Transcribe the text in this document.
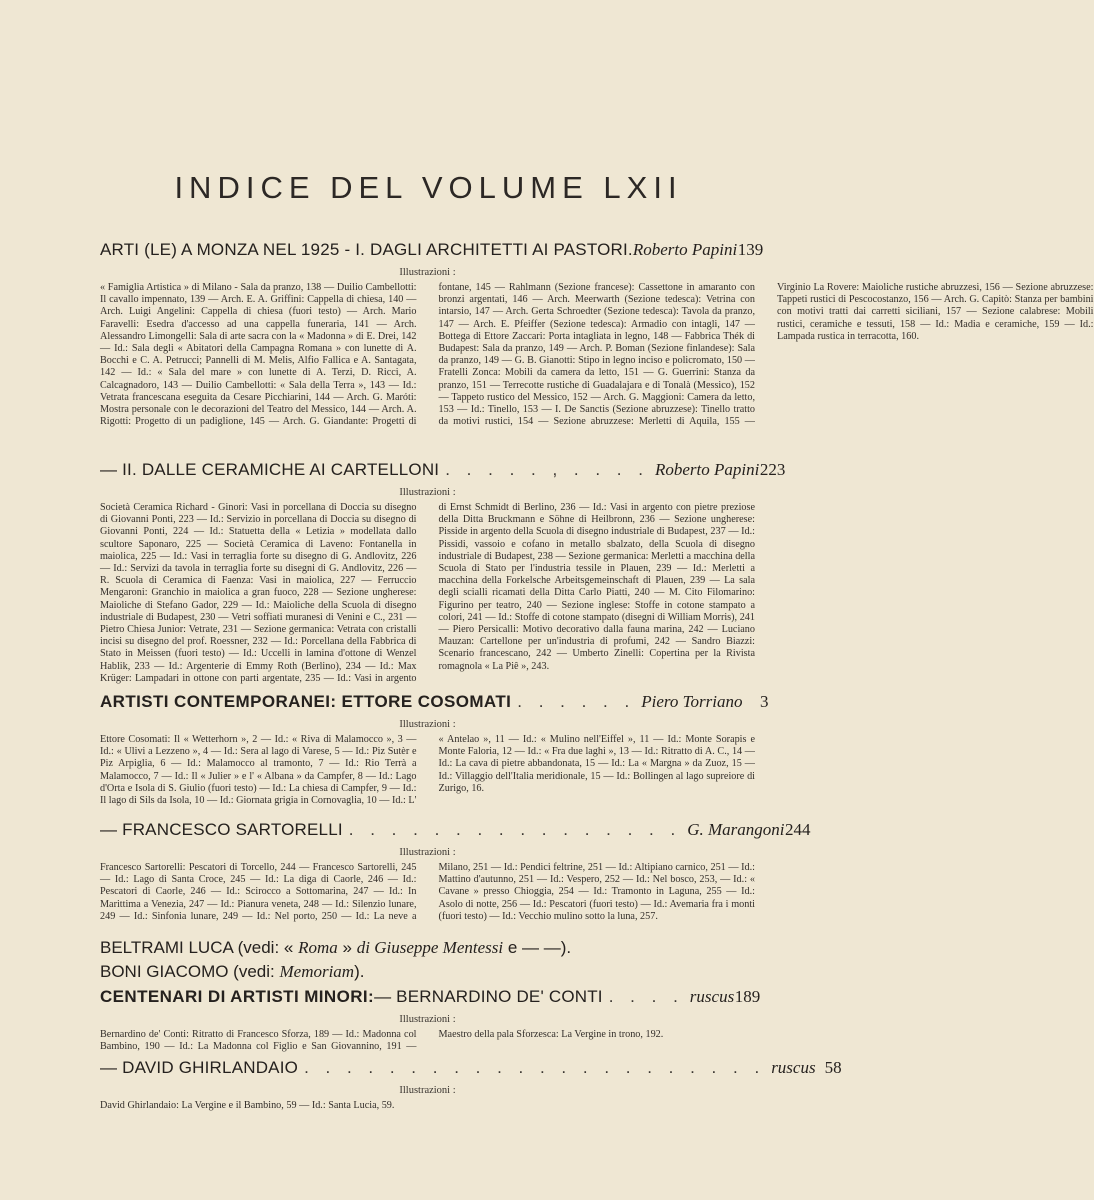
INDICE DEL VOLUME LXII
ARTI (LE) A MONZA NEL 1925 - I. DAGLI ARCHITETTI AI PASTORI. Roberto Papini 139
Illustrazioni :
« Famiglia Artistica » di Milano - Sala da pranzo, 138 — Duilio Cambellotti: Il cavallo impennato, 139 — Arch. E. A. Griffini: Cappella di chiesa, 140 — Arch. Luigi Angelini: Cappella di chiesa (fuori testo) — Arch. Mario Faravelli: Esedra d'accesso ad una cappella funeraria, 141 — Arch. Alessandro Limongelli: Sala di arte sacra con la « Madonna » di E. Drei, 142 — Id.: Sala degli « Abitatori della Campagna Romana » con lunette di A. Bocchi e C. A. Petrucci; Pannelli di M. Melis, Alfio Fallica e A. Santagata, 142 — Id.: « Sala del mare » con lunette di A. Terzi, D. Ricci, A. Calcagnadoro, 143 — Duilio Cambellotti: « Sala della Terra », 143 — Id.: Vetrata francescana eseguita da Cesare Picchiarini, 144 — Arch. G. Maróti: Mostra personale con le decorazioni del Teatro del Messico, 144 — Arch. A. Rigotti: Progetto di un padiglione, 145 — Arch. G. Giandante: Progetti di fontane, 145 — Rahlmann (Sezione francese): Cassettone in amaranto con bronzi argentati, 146 — Arch. Meerwarth (Sezione tedesca): Vetrina con intarsio, 147 — Arch. Gerta Schroedter (Sezione tedesca): Tavola da pranzo, 147 — Arch. E. Pfeiffer (Sezione tedesca): Armadio con intagli, 147 — Bottega di Ettore Zaccari: Porta intagliata in legno, 148 — Fabbrica Thék di Budapest: Sala da pranzo, 149 — Arch. P. Boman (Sezione finlandese): Sala da pranzo, 149 — G. B. Gianotti: Stipo in legno inciso e policromato, 150 — Fratelli Zonca: Mobili da camera da letto, 151 — G. Guerrini: Stanza da pranzo, 151 — Terrecotte rustiche di Guadalajara e di Tonalà (Messico), 152 — Tappeto rustico del Messico, 152 — Arch. G. Maggioni: Camera da letto, 153 — Id.: Tinello, 153 — I. De Sanctis (Sezione abruzzese): Tinello tratto da motivi rustici, 154 — Sezione abruzzese: Merletti di Aquila, 155 — Virginio La Rovere: Maioliche rustiche abruzzesi, 156 — Sezione abruzzese: Tappeti rustici di Pescocostanzo, 156 — Arch. G. Capitò: Stanza per bambini con motivi tratti dai carretti siciliani, 157 — Sezione calabrese: Mobili rustici, ceramiche e tessuti, 158 — Id.: Madia e ceramiche, 159 — Id.: Lampada rustica in terracotta, 160.
— II. DALLE CERAMICHE AI CARTELLONI . . . . . , . . . . Roberto Papini 223
Illustrazioni :
Società Ceramica Richard - Ginori: Vasi in porcellana di Doccia su disegno di Giovanni Ponti, 223 — Id.: Servizio in porcellana di Doccia su disegno di Giovanni Ponti, 224 — Id.: Statuetta della « Letizia » modellata dallo scultore Saponaro, 225 — Società Ceramica di Laveno: Fontanella in maiolica, 225 — Id.: Vasi in terraglia forte su disegno di G. Andlovitz, 226 — Id.: Servizi da tavola in terraglia forte su disegni di G. Andlovitz, 226 — R. Scuola di Ceramica di Faenza: Vasi in maiolica, 227 — Ferruccio Mengaroni: Granchio in maiolica a gran fuoco, 228 — Sezione ungherese: Maioliche di Stefano Gador, 229 — Id.: Maioliche della Scuola di disegno industriale di Budapest, 230 — Vetri soffiati muranesi di Venini e C., 231 — Pietro Chiesa Junior: Vetrate, 231 — Sezione germanica: Vetrata con cristalli incisi su disegno del prof. Roessner, 232 — Id.: Porcellana della Fabbrica di Stato in Meissen (fuori testo) — Id.: Uccelli in lamina d'ottone di Wenzel Hablik, 233 — Id.: Argenterie di Emmy Roth (Berlino), 234 — Id.: Max Krüger: Lampadari in ottone con parti argentate, 235 — Id.: Vasi in argento di Ernst Schmidt di Berlino, 236 — Id.: Vasi in argento con pietre preziose della Ditta Bruckmann e Söhne di Heilbronn, 236 — Sezione ungherese: Pisside in argento della Scuola di disegno industriale di Budapest, 237 — Id.: Pissidi, vassoio e cofano in metallo sbalzato, della Scuola di disegno industriale di Budapest, 238 — Sezione germanica: Merletti a macchina della Scuola di Stato per l'industria tessile in Plauen, 239 — Id.: Merletti a macchina della Forkelsche Arbeitsgemeinschaft di Plauen, 239 — La sala degli scialli ricamati della Ditta Carlo Piatti, 240 — M. Cito Filomarino: Figurino per teatro, 240 — Sezione inglese: Stoffe in cotone stampato a colori, 241 — Id.: Stoffe di cotone stampato (disegni di William Morris), 241 — Piero Persicalli: Motivo decorativo dalla fauna marina, 242 — Luciano Mauzan: Cartellone per un'industria di profumi, 242 — Sandro Biazzi: Scenario francescano, 242 — Umberto Zinelli: Copertina per la Rivista romagnola « La Piê », 243.
ARTISTI CONTEMPORANEI: ETTORE COSOMATI . . . . . . Piero Torriano	3
Illustrazioni :
Ettore Cosomati: Il « Wetterhorn », 2 — Id.: « Riva di Malamocco », 3 — Id.: « Ulivi a Lezzeno », 4 — Id.: Sera al lago di Varese, 5 — Id.: Piz Sutèr e Piz Arpiglia, 6 — Id.: Malamocco al tramonto, 7 — Id.: Rio Terrà a Malamocco, 7 — Id.: Il « Julier » e l' « Albana » da Campfer, 8 — Id.: Lago d'Orta e Isola di S. Giulio (fuori testo) — Id.: La chiesa di Campfer, 9 — Id.: Il lago di Sils da Isola, 10 — Id.: Giornata grigia in Cornovaglia, 10 — Id.: L' « Antelao », 11 — Id.: « Mulino nell'Eiffel », 11 — Id.: Monte Sorapis e Monte Faloria, 12 — Id.: « Fra due laghi », 13 — Id.: Ritratto di A. C., 14 — Id.: La cava di pietre abbandonata, 15 — Id.: La « Margna » da Zuoz, 15 — Id.: Villaggio dell'Italia meridionale, 15 — Id.: Bollingen al lago supreiore di Zurigo, 16.
— FRANCESCO SARTORELLI . . . . . . . . . . . . . . . . G. Marangoni 244
Illustrazioni :
Francesco Sartorelli: Pescatori di Torcello, 244 — Francesco Sartorelli, 245 — Id.: Lago di Santa Croce, 245 — Id.: La diga di Caorle, 246 — Id.: Pescatori di Caorle, 246 — Id.: Scirocco a Sottomarina, 247 — Id.: In Marittima a Venezia, 247 — Id.: Pianura veneta, 248 — Id.: Silenzio lunare, 249 — Id.: Sinfonia lunare, 249 — Id.: Nel porto, 250 — Id.: La neve a Milano, 251 — Id.: Pendici feltrine, 251 — Id.: Altipiano carnico, 251 — Id.: Mattino d'autunno, 251 — Id.: Vespero, 252 — Id.: Nel bosco, 253, — Id.: « Cavane » presso Chioggia, 254 — Id.: Tramonto in Laguna, 255 — Id.: Asolo di notte, 256 — Id.: Pescatori (fuori testo) — Id.: Avemaria fra i monti (fuori testo) — Id.: Vecchio mulino sotto la luna, 257.
BELTRAMI LUCA (vedi: « Roma » di Giuseppe Mentessi e — —).
BONI GIACOMO (vedi: Memoriam).
CENTENARI DI ARTISTI MINORI: — BERNARDINO DE' CONTI . . . . ruscus 189
Illustrazioni :
Bernardino de' Conti: Ritratto di Francesco Sforza, 189 — Id.: Madonna col Bambino, 190 — Id.: La Madonna col Figlio e San Giovannino, 191 — Maestro della pala Sforzesca: La Vergine in trono, 192.
— DAVID GHIRLANDAIO . . . . . . . . . . . . . . . . . . . . . . ruscus 58
Illustrazioni :
David Ghirlandaio: La Vergine e il Bambino, 59 — Id.: Santa Lucia, 59.
